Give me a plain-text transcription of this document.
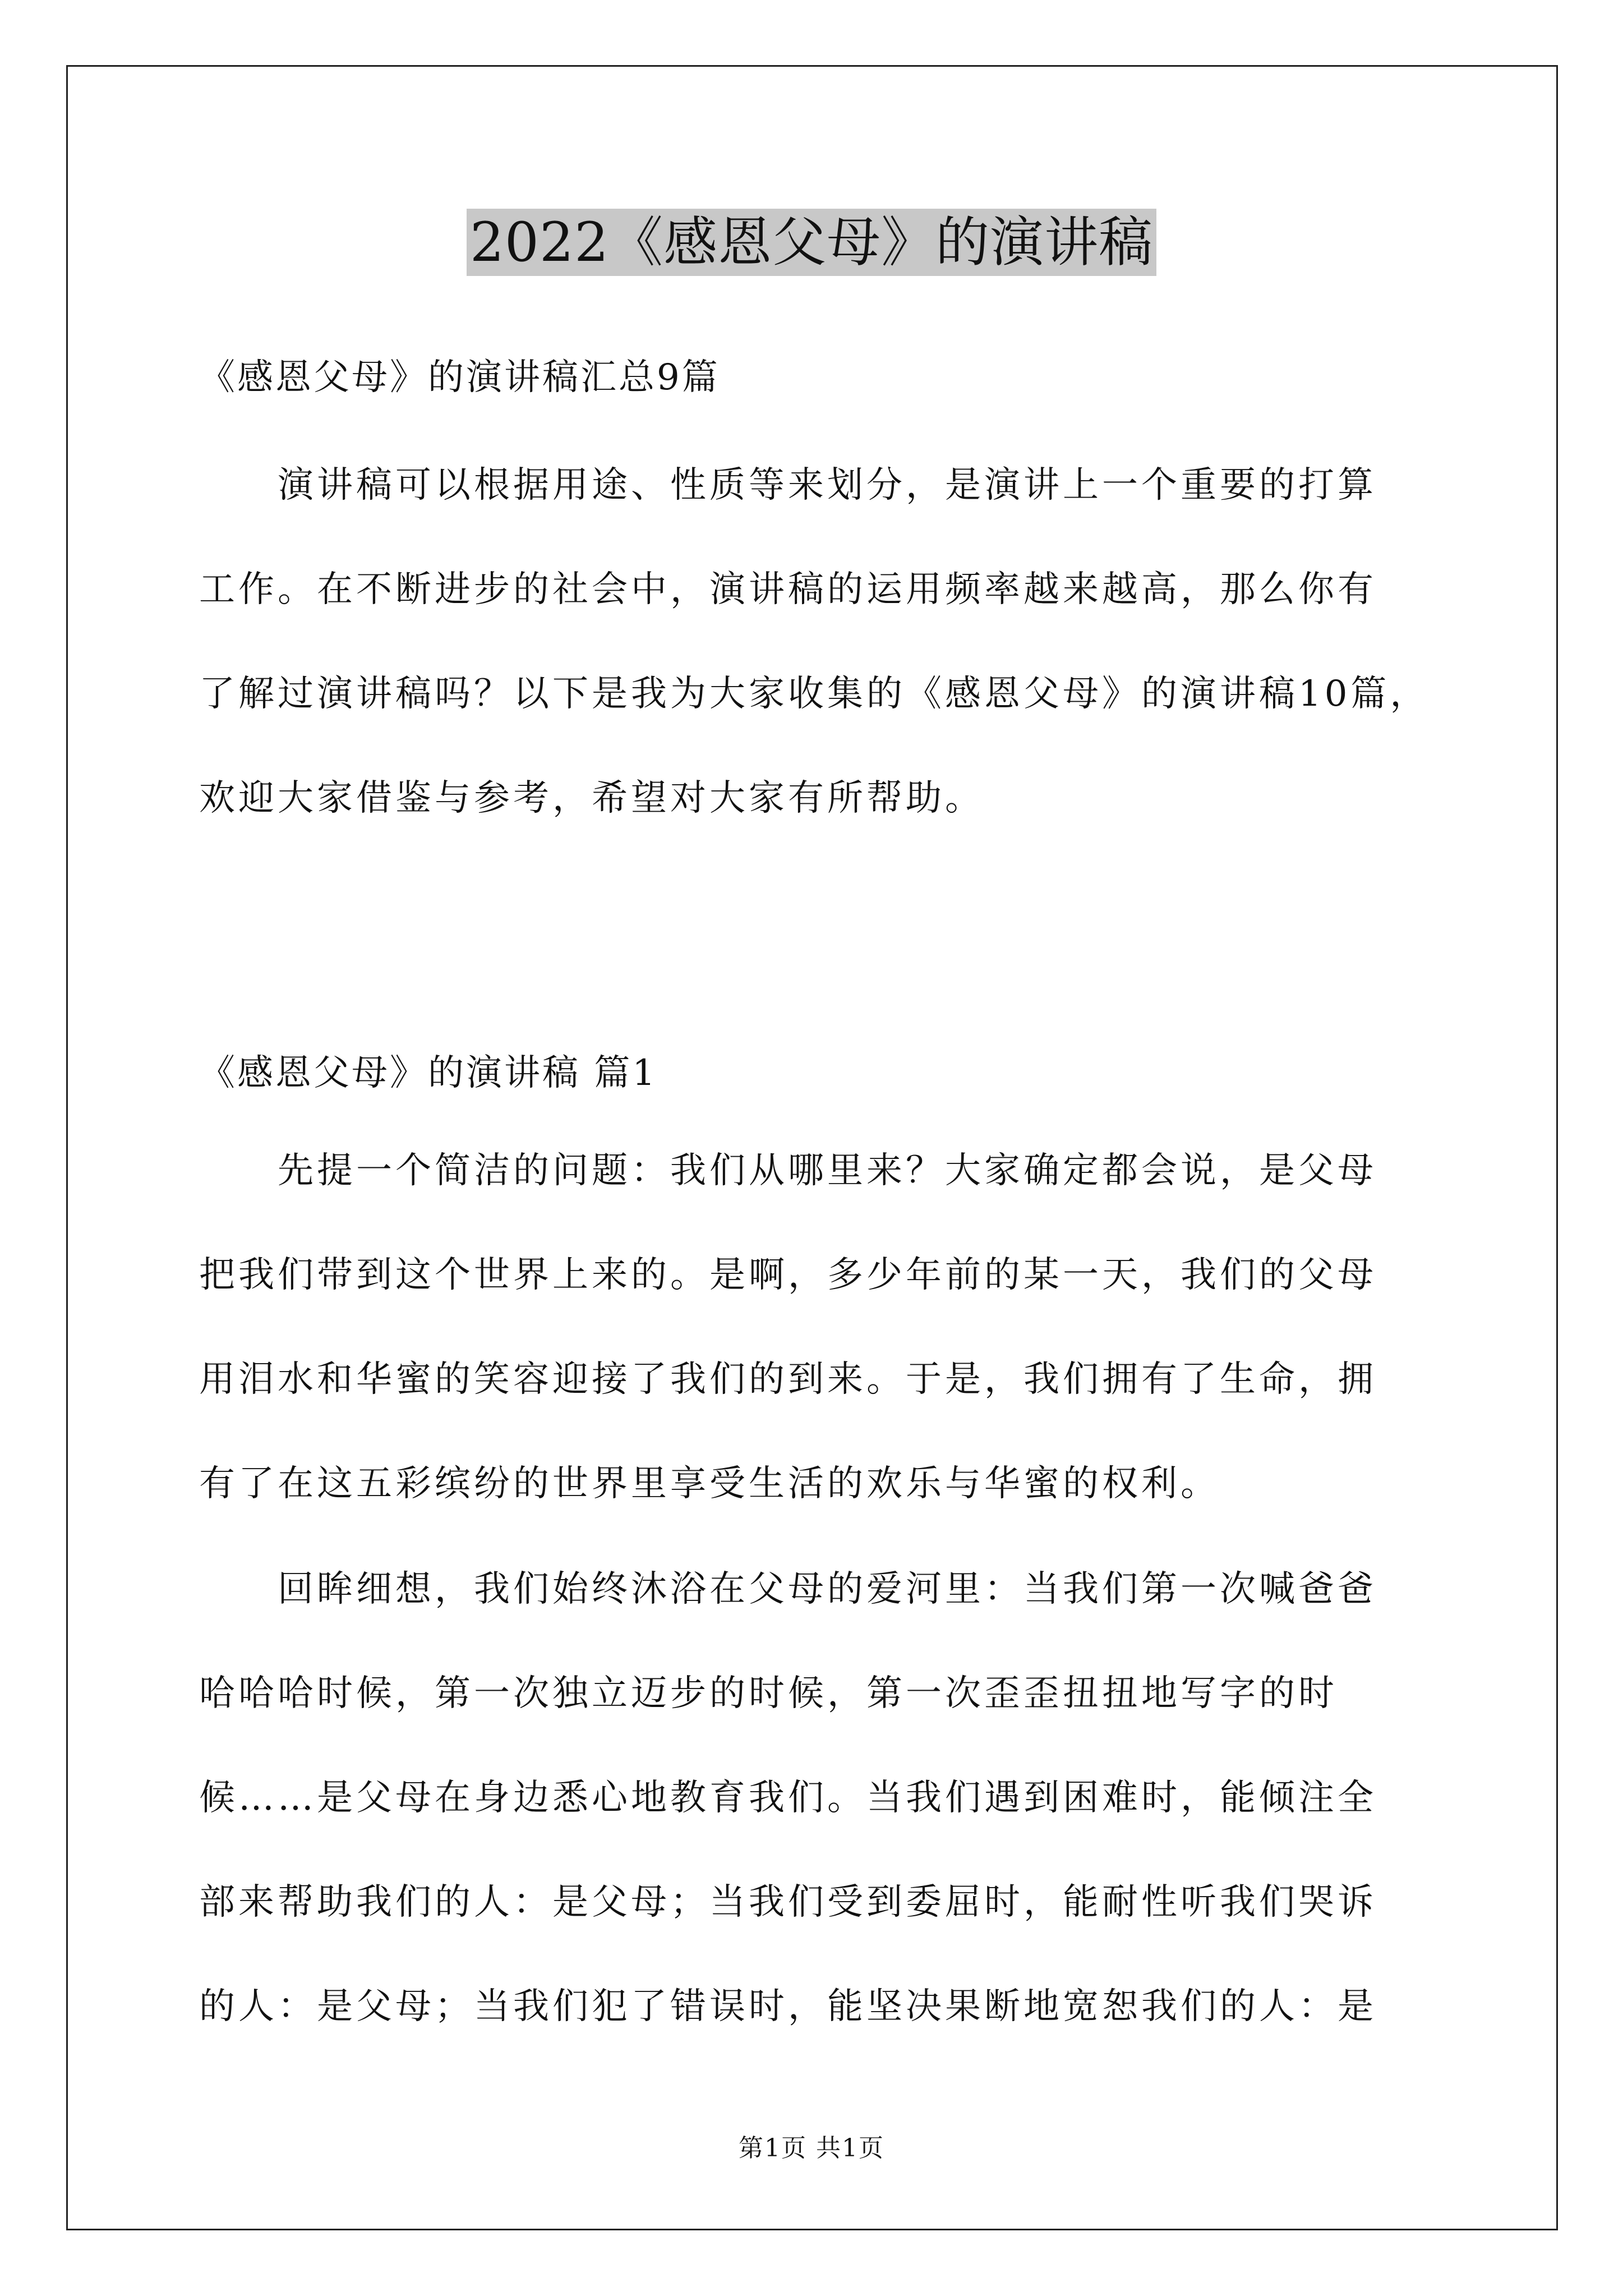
2022《感恩父母》的演讲稿
《感恩父母》的演讲稿汇总9篇
　　演讲稿可以根据用途、性质等来划分，是演讲上一个重要的打算
工作。在不断进步的社会中，演讲稿的运用频率越来越高，那么你有
了解过演讲稿吗？以下是我为大家收集的《感恩父母》的演讲稿10篇，
欢迎大家借鉴与参考，希望对大家有所帮助。
《感恩父母》的演讲稿 篇1
　　先提一个简洁的问题：我们从哪里来？大家确定都会说，是父母
把我们带到这个世界上来的。是啊，多少年前的某一天，我们的父母
用泪水和华蜜的笑容迎接了我们的到来。于是，我们拥有了生命，拥
有了在这五彩缤纷的世界里享受生活的欢乐与华蜜的权利。
　　回眸细想，我们始终沐浴在父母的爱河里：当我们第一次喊爸爸
哈哈哈时候，第一次独立迈步的时候，第一次歪歪扭扭地写字的时
候……是父母在身边悉心地教育我们。当我们遇到困难时，能倾注全
部来帮助我们的人：是父母；当我们受到委屈时，能耐性听我们哭诉
的人：是父母；当我们犯了错误时，能坚决果断地宽恕我们的人：是
第1页 共1页
